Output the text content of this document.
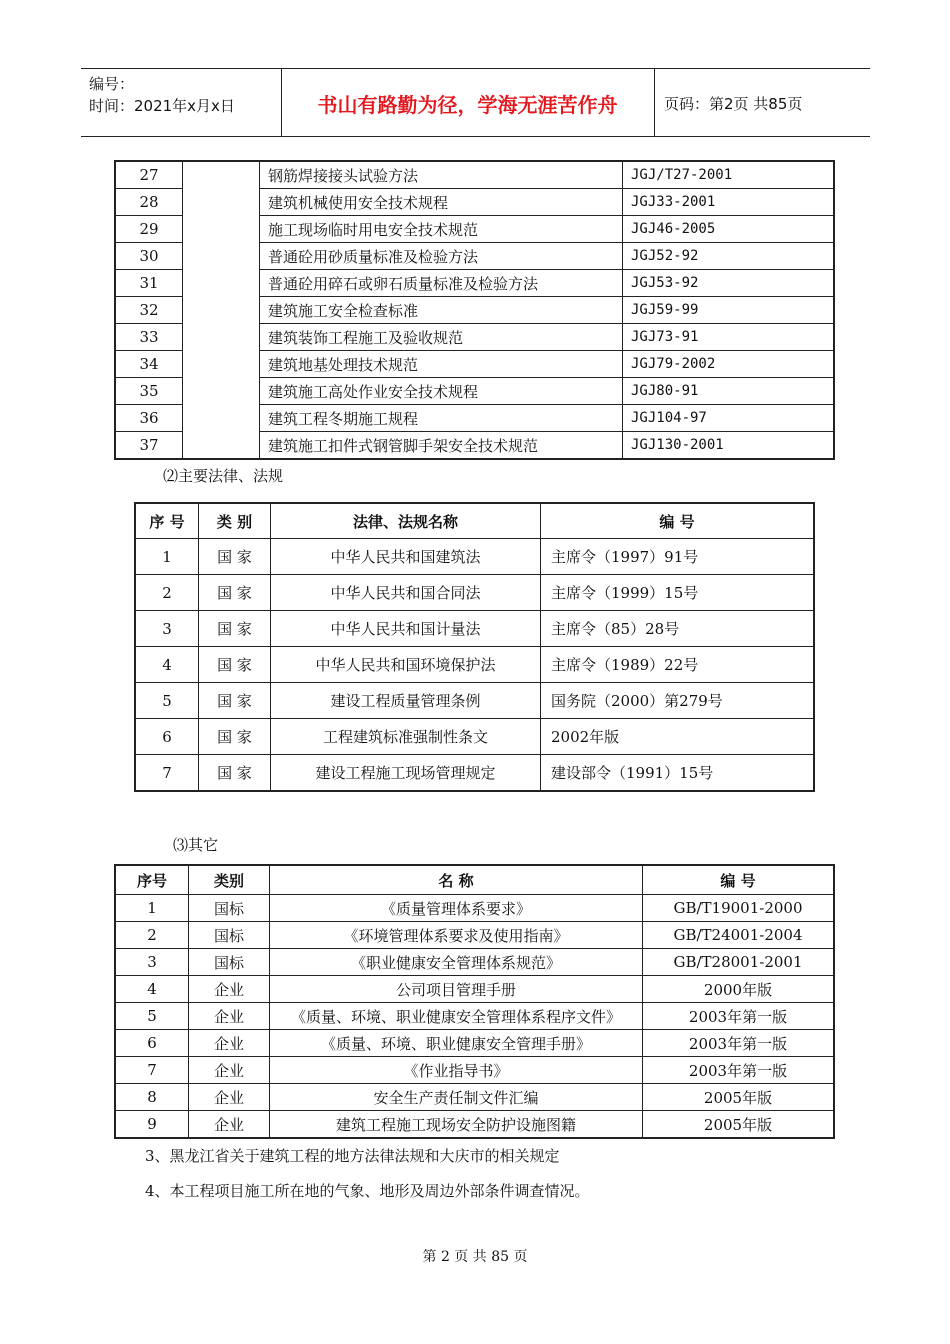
编号：
时间：2021年x月x日	书山有路勤为径，学海无涯苦作舟	页码：第2页 共85页
27		钢筋焊接接头试验方法	JGJ/T27-2001
28		建筑机械使用安全技术规程	JGJ33-2001
29		施工现场临时用电安全技术规范	JGJ46-2005
30		普通砼用砂质量标准及检验方法	JGJ52-92
31		普通砼用碎石或卵石质量标准及检验方法	JGJ53-92
32		建筑施工安全检查标准	JGJ59-99
33		建筑装饰工程施工及验收规范	JGJ73-91
34		建筑地基处理技术规范	JGJ79-2002
35		建筑施工高处作业安全技术规程	JGJ80-91
36		建筑工程冬期施工规程	JGJ104-97
37		建筑施工扣件式钢管脚手架安全技术规范	JGJ130-2001
⑵主要法律、法规
序 号	类 别	法律、法规名称	编 号
1	国 家	中华人民共和国建筑法	主席令（1997）91号
2	国 家	中华人民共和国合同法	主席令（1999）15号
3	国 家	中华人民共和国计量法	主席令（85）28号
4	国 家	中华人民共和国环境保护法	主席令（1989）22号
5	国 家	建设工程质量管理条例	国务院（2000）第279号
6	国 家	工程建筑标准强制性条文	2002年版
7	国 家	建设工程施工现场管理规定	建设部令（1991）15号
⑶其它
序号	类别	名 称	编 号
1	国标	《质量管理体系要求》	GB/T19001-2000
2	国标	《环境管理体系要求及使用指南》	GB/T24001-2004
3	国标	《职业健康安全管理体系规范》	GB/T28001-2001
4	企业	公司项目管理手册	2000年版
5	企业	《质量、环境、职业健康安全管理体系程序文件》	2003年第一版
6	企业	《质量、环境、职业健康安全管理手册》	2003年第一版
7	企业	《作业指导书》	2003年第一版
8	企业	安全生产责任制文件汇编	2005年版
9	企业	建筑工程施工现场安全防护设施图籍	2005年版
3、黑龙江省关于建筑工程的地方法律法规和大庆市的相关规定
4、本工程项目施工所在地的气象、地形及周边外部条件调查情况。
第 2 页 共 85 页
